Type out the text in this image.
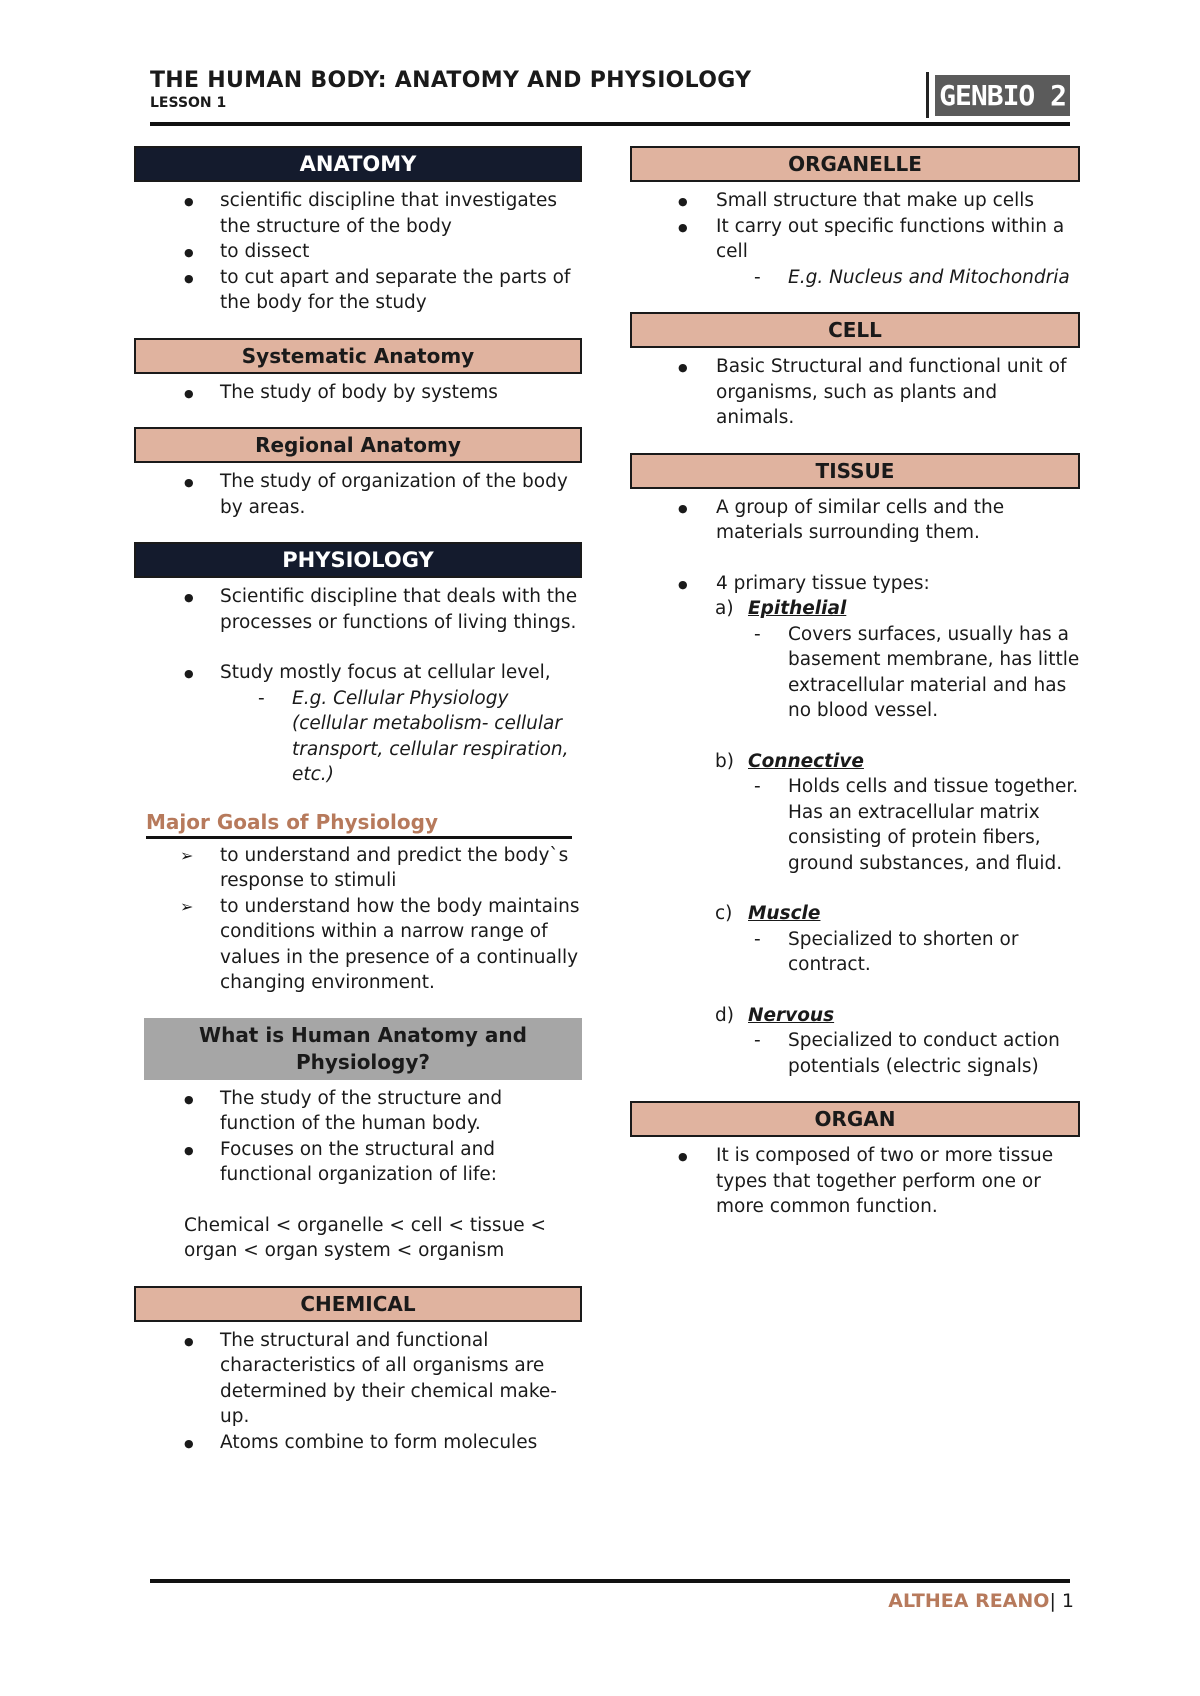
THE HUMAN BODY: ANATOMY AND PHYSIOLOGY
LESSON 1	GENBIO 2
ANATOMY
● scientific discipline that investigates the structure of the body
● to dissect
● to cut apart and separate the parts of the body for the study
Systematic Anatomy
● The study of body by systems
Regional Anatomy
● The study of organization of the body by areas.
PHYSIOLOGY
● Scientific discipline that deals with the processes or functions of living things.
● Study mostly focus at cellular level,
- E.g. Cellular Physiology (cellular metabolism- cellular transport, cellular respiration, etc.)
Major Goals of Physiology
➢ to understand and predict the body`s response to stimuli
➢ to understand how the body maintains conditions within a narrow range of values in the presence of a continually changing environment.
What is Human Anatomy and Physiology?
● The study of the structure and function of the human body.
● Focuses on the structural and functional organization of life:
Chemical < organelle < cell < tissue < organ < organ system < organism
CHEMICAL
● The structural and functional characteristics of all organisms are determined by their chemical make-up.
● Atoms combine to form molecules
ORGANELLE
● Small structure that make up cells
● It carry out specific functions within a cell
- E.g. Nucleus and Mitochondria
CELL
● Basic Structural and functional unit of organisms, such as plants and animals.
TISSUE
● A group of similar cells and the materials surrounding them.
● 4 primary tissue types:
a) Epithelial
- Covers surfaces, usually has a basement membrane, has little extracellular material and has no blood vessel.
b) Connective
- Holds cells and tissue together. Has an extracellular matrix consisting of protein fibers, ground substances, and fluid.
c) Muscle
- Specialized to shorten or contract.
d) Nervous
- Specialized to conduct action potentials (electric signals)
ORGAN
● It is composed of two or more tissue types that together perform one or more common function.
ALTHEA REANO| 1
